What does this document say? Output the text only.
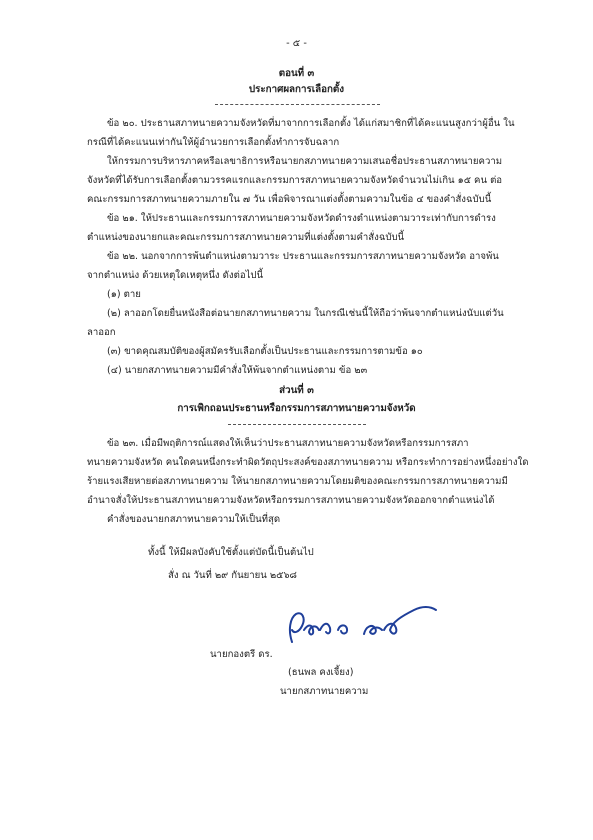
- ๕ -
ตอนที่ ๓
ประกาศผลการเลือกตั้ง
ข้อ ๒๐. ประธานสภาทนายความจังหวัดที่มาจากการเลือกตั้ง ได้แก่สมาชิกที่ได้คะแนนสูงกว่าผู้อื่น ใน
กรณีที่ได้คะแนนเท่ากันให้ผู้อำนวยการเลือกตั้งทำการจับฉลาก
ให้กรรมการบริหารภาคหรือเลขาธิการหรือนายกสภาทนายความเสนอชื่อประธานสภาทนายความ
จังหวัดที่ได้รับการเลือกตั้งตามวรรคแรกและกรรมการสภาทนายความจังหวัดจำนวนไม่เกิน ๑๕ คน ต่อ
คณะกรรมการสภาทนายความภายใน ๗ วัน เพื่อพิจารณาแต่งตั้งตามความในข้อ ๔ ของคำสั่งฉบับนี้
ข้อ ๒๑. ให้ประธานและกรรมการสภาทนายความจังหวัดดำรงตำแหน่งตามวาระเท่ากับการดำรง
ตำแหน่งของนายกและคณะกรรมการสภาทนายความที่แต่งตั้งตามคำสั่งฉบับนี้
ข้อ ๒๒. นอกจากการพ้นตำแหน่งตามวาระ ประธานและกรรมการสภาทนายความจังหวัด อาจพ้น
จากตำแหน่ง ด้วยเหตุใดเหตุหนึ่ง ดังต่อไปนี้
(๑) ตาย
(๒) ลาออกโดยยื่นหนังสือต่อนายกสภาทนายความ ในกรณีเช่นนี้ให้ถือว่าพ้นจากตำแหน่งนับแต่วัน
ลาออก
(๓) ขาดคุณสมบัติของผู้สมัครรับเลือกตั้งเป็นประธานและกรรมการตามข้อ ๑๐
(๔) นายกสภาทนายความมีคำสั่งให้พ้นจากตำแหน่งตาม ข้อ ๒๓
ส่วนที่ ๓
การเพิกถอนประธานหรือกรรมการสภาทนายความจังหวัด
ข้อ ๒๓. เมื่อมีพฤติการณ์แสดงให้เห็นว่าประธานสภาทนายความจังหวัดหรือกรรมการสภา
ทนายความจังหวัด คนใดคนหนึ่งกระทำผิดวัตถุประสงค์ของสภาทนายความ หรือกระทำการอย่างหนึ่งอย่างใด
ร้ายแรงเสียหายต่อสภาทนายความ ให้นายกสภาทนายความโดยมติของคณะกรรมการสภาทนายความมี
อำนาจสั่งให้ประธานสภาทนายความจังหวัดหรือกรรมการสภาทนายความจังหวัดออกจากตำแหน่งได้
คำสั่งของนายกสภาทนายความให้เป็นที่สุด
ทั้งนี้ ให้มีผลบังคับใช้ตั้งแต่บัดนี้เป็นต้นไป
สั่ง ณ วันที่ ๒๙ กันยายน ๒๕๖๘
นายกองตรี ดร.
(ธนพล คงเจี้ยง)
นายกสภาทนายความ
